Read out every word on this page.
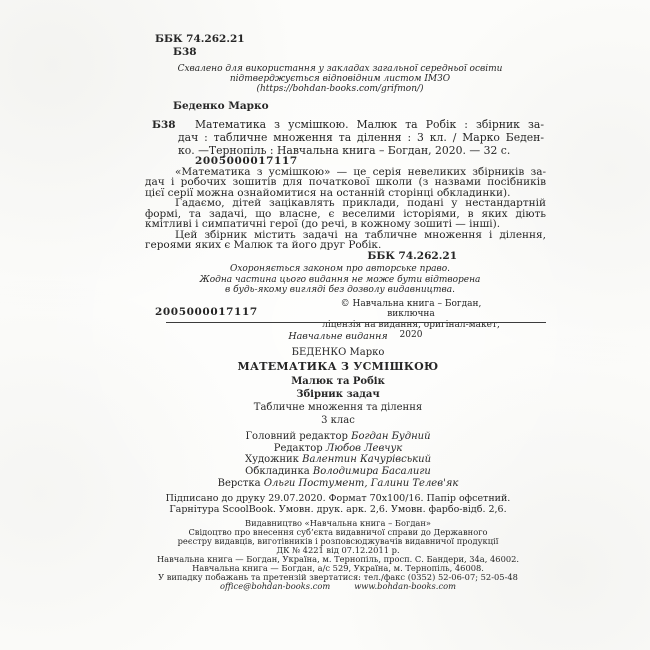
ББК 74.262.21
Б38
Схвалено для використання у закладах загальної середньої освіти
підтверджується відповідним листом ІМЗО
(https://bohdan-books.com/grifmon/)
Беденко Марко
Б38	Математика з усмішкою. Малюк та Робік : збірник за-
дач : табличне множення та ділення : 3 кл. / Марко Беден-
ко. —Тернопіль : Навчальна книга – Богдан, 2020. — 32 с.
2005000017117
«Математика з усмішкою» — це серія невеликих збірників за-
дач і робочих зошитів для початкової школи (з назвами посібників
цієї серії можна ознайомитися на останній сторінці обкладинки).
Гадаємо, дітей зацікавлять приклади, подані у нестандартній
формі, та задачі, що власне, є веселими історіями, в яких діють
кмітливі і симпатичні герої (до речі, в кожному зошиті — інші).
Цей збірник містить задачі на табличне множення і ділення,
героями яких є Малюк та його друг Робік.
ББК 74.262.21
Охороняється законом про авторське право.
Жодна частина цього видання не може бути відтворена
в будь-якому вигляді без дозволу видавництва.
2005000017117
© Навчальна книга – Богдан, виключна
ліцензія на видання, оригінал-макет, 2020
Навчальне видання
БЕДЕНКО Марко
МАТЕМАТИКА З УСМІШКОЮ
Малюк та Робік
Збірник задач
Табличне множення та ділення
3 клас
Головний редактор Богдан Будний
Редактор Любов Левчук
Художник Валентин Качурівський
Обкладинка Володимира Басалиги
Верстка Ольги Постумент, Галини Телев'як
Підписано до друку 29.07.2020. Формат 70х100/16. Папір офсетний.
Гарнітура ScoolBook. Умовн. друк. арк. 2,6. Умовн. фарбо-відб. 2,6.
Видавництво «Навчальна книга – Богдан»
Свідоцтво про внесення суб’єкта видавничої справи до Державного
реєстру видавців, виготівників і розповсюджувачів видавничої продукції
ДК № 4221 від 07.12.2011 р.
Навчальна книга — Богдан, Україна, м. Тернопіль, просп. С. Бандери, 34а, 46002.
Навчальна книга — Богдан, а/с 529, Україна, м. Тернопіль, 46008.
У випадку побажань та претензій звертатися: тел./факс (0352) 52-06-07; 52-05-48
office@bohdan-books.com	www.bohdan-books.com
